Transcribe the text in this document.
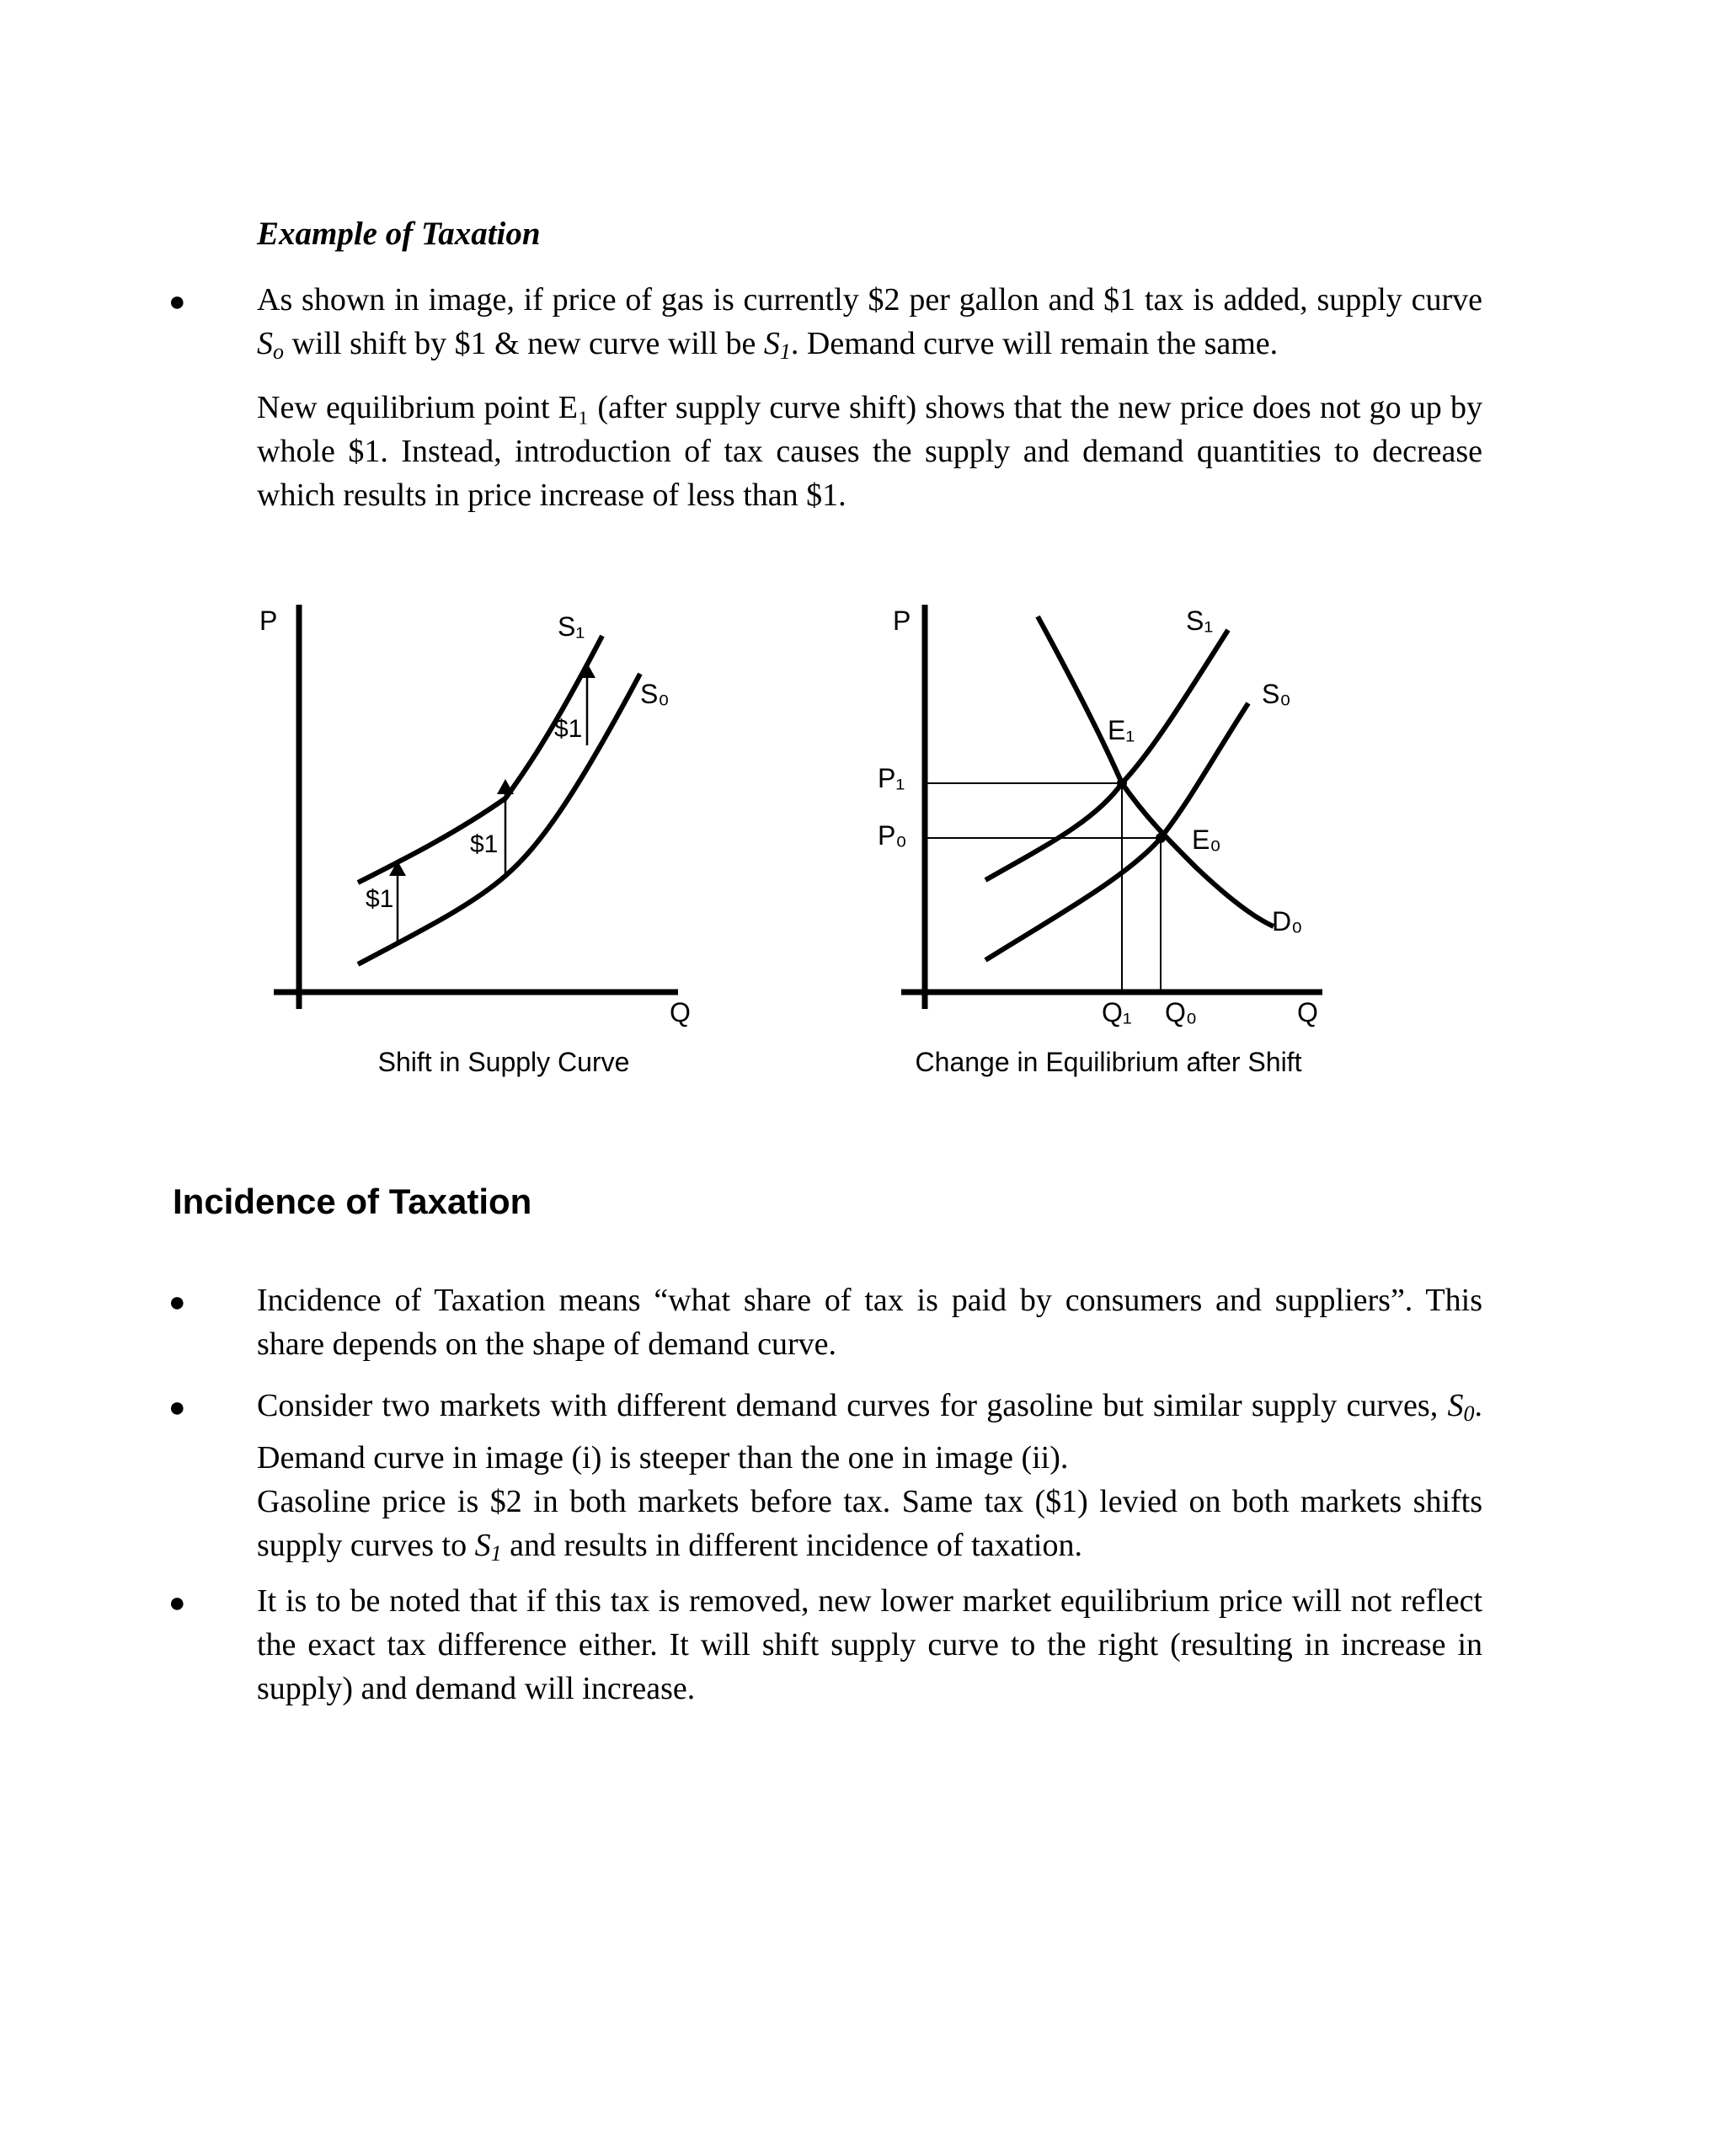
Example of Taxation
● As shown in image, if price of gas is currently $2 per gallon and $1 tax is added, supply curve $S_o$ will shift by $1 & new curve will be $S_1$. Demand curve will remain the same.
New equilibrium point E₁ (after supply curve shift) shows that the new price does not go up by whole $1. Instead, introduction of tax causes the supply and demand quantities to decrease which results in price increase of less than $1.
P	S₁
S₀
$1
$1
$1
Q
Shift in Supply Curve
P	S₁
S₀
E₁
E₀
D₀
P₁
P₀
Q₁ Q₀	Q
Change in Equilibrium after Shift
Incidence of Taxation
● Incidence of Taxation means “what share of tax is paid by consumers and suppliers”. This share depends on the shape of demand curve.
● Consider two markets with different demand curves for gasoline but similar supply curves, $S_0$. Demand curve in image (i) is steeper than the one in image (ii).
Gasoline price is $2 in both markets before tax. Same tax ($1) levied on both markets shifts supply curves to $S_1$ and results in different incidence of taxation.
● It is to be noted that if this tax is removed, new lower market equilibrium price will not reflect the exact tax difference either. It will shift supply curve to the right (resulting in increase in supply) and demand will increase.
